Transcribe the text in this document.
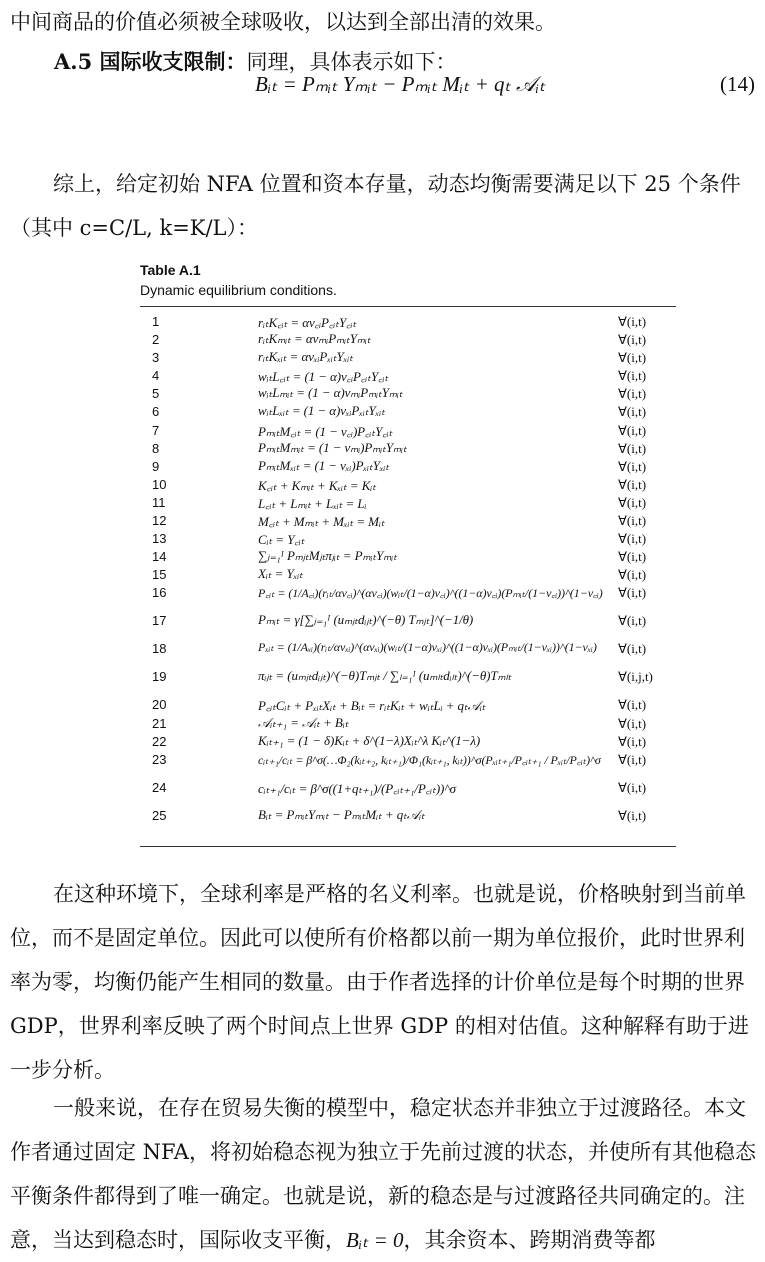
中间商品的价值必须被全球吸收，以达到全部出清的效果。

A.5 国际收支限制：同理，具体表示如下：

Bᵢₜ = Pₘᵢₜ Yₘᵢₜ − Pₘᵢₜ Mᵢₜ + qₜ 𝒜ᵢₜ	(14)

综上，给定初始 NFA 位置和资本存量，动态均衡需要满足以下 25 个条件（其中 c=C/L, k=K/L）：

Table A.1
Dynamic equilibrium conditions.
1	rᵢₜK꜀ᵢₜ = αν꜀ᵢP꜀ᵢₜY꜀ᵢₜ	∀(i,t)
2	rᵢₜKₘᵢₜ = ανₘᵢPₘᵢₜYₘᵢₜ	∀(i,t)
3	rᵢₜKₓᵢₜ = ανₓᵢPₓᵢₜYₓᵢₜ	∀(i,t)
4	wᵢₜL꜀ᵢₜ = (1 − α)ν꜀ᵢP꜀ᵢₜY꜀ᵢₜ	∀(i,t)
5	wᵢₜLₘᵢₜ = (1 − α)νₘᵢPₘᵢₜYₘᵢₜ	∀(i,t)
6	wᵢₜLₓᵢₜ = (1 − α)νₓᵢPₓᵢₜYₓᵢₜ	∀(i,t)
7	PₘᵢₜM꜀ᵢₜ = (1 − ν꜀ᵢ)P꜀ᵢₜY꜀ᵢₜ	∀(i,t)
8	PₘᵢₜMₘᵢₜ = (1 − νₘᵢ)PₘᵢₜYₘᵢₜ	∀(i,t)
9	PₘᵢₜMₓᵢₜ = (1 − νₓᵢ)PₓᵢₜYₓᵢₜ	∀(i,t)
10	K꜀ᵢₜ + Kₘᵢₜ + Kₓᵢₜ = Kᵢₜ	∀(i,t)
11	L꜀ᵢₜ + Lₘᵢₜ + Lₓᵢₜ = Lᵢ	∀(i,t)
12	M꜀ᵢₜ + Mₘᵢₜ + Mₓᵢₜ = Mᵢₜ	∀(i,t)
13	Cᵢₜ = Y꜀ᵢₜ	∀(i,t)
14	∑ⱼ₌₁ᴵ PₘⱼₜMⱼₜπⱼᵢₜ = PₘᵢₜYₘᵢₜ	∀(i,t)
15	Xᵢₜ = Yₓᵢₜ	∀(i,t)
16	P꜀ᵢₜ = (1/A꜀ᵢ)(rᵢₜ/αν꜀ᵢ)^(αν꜀ᵢ)(wᵢₜ/(1−α)ν꜀ᵢ)^((1−α)ν꜀ᵢ)(Pₘᵢₜ/(1−ν꜀ᵢ))^(1−ν꜀ᵢ) ∀(i,t)
17	Pₘᵢₜ = γ[∑ⱼ₌₁ᴵ (uₘⱼₜdᵢⱼₜ)^(−θ) Tₘⱼₜ]^(−1/θ)	∀(i,t)
18	Pₓᵢₜ = (1/Aₓᵢ)(rᵢₜ/ανₓᵢ)^(ανₓᵢ)(wᵢₜ/(1−α)νₓᵢ)^((1−α)νₓᵢ)(Pₘᵢₜ/(1−νₓᵢ))^(1−νₓᵢ) ∀(i,t)
19	πᵢⱼₜ = (uₘⱼₜdᵢⱼₜ)^(−θ)Tₘⱼₜ / ∑ₗ₌₁ᴵ (uₘₗₜdᵢₗₜ)^(−θ)Tₘₗₜ	∀(i,j,t)
20	P꜀ᵢₜCᵢₜ + PₓᵢₜXᵢₜ + Bᵢₜ = rᵢₜKᵢₜ + wᵢₜLᵢ + qₜ𝒜ᵢₜ	∀(i,t)
21	𝒜ᵢₜ₊₁ = 𝒜ᵢₜ + Bᵢₜ	∀(i,t)
22	Kᵢₜ₊₁ = (1 − δ)Kᵢₜ + δ^(1−λ)Xᵢₜ^λ Kᵢₜ^(1−λ)	∀(i,t)
23	cᵢₜ₊₁/cᵢₜ = β^σ(…Φ₂(kᵢₜ₊₂, kᵢₜ₊₁)/Φ₁(kᵢₜ₊₁, kᵢₜ))^σ(Pₓᵢₜ₊₁/P꜀ᵢₜ₊₁ / Pₓᵢₜ/P꜀ᵢₜ)^σ ∀(i,t)
24	cᵢₜ₊₁/cᵢₜ = β^σ((1+qₜ₊₁)/(P꜀ᵢₜ₊₁/P꜀ᵢₜ))^σ	∀(i,t)
25	Bᵢₜ = PₘᵢₜYₘᵢₜ − PₘᵢₜMᵢₜ + qₜ𝒜ᵢₜ	∀(i,t)

在这种环境下，全球利率是严格的名义利率。也就是说，价格映射到当前单位，而不是固定单位。因此可以使所有价格都以前一期为单位报价，此时世界利率为零，均衡仍能产生相同的数量。由于作者选择的计价单位是每个时期的世界 GDP，世界利率反映了两个时间点上世界 GDP 的相对估值。这种解释有助于进一步分析。

一般来说，在存在贸易失衡的模型中，稳定状态并非独立于过渡路径。本文作者通过固定 NFA，将初始稳态视为独立于先前过渡的状态，并使所有其他稳态平衡条件都得到了唯一确定。也就是说，新的稳态是与过渡路径共同确定的。注意，当达到稳态时，国际收支平衡，Bᵢₜ = 0，其余资本、跨期消费等都
